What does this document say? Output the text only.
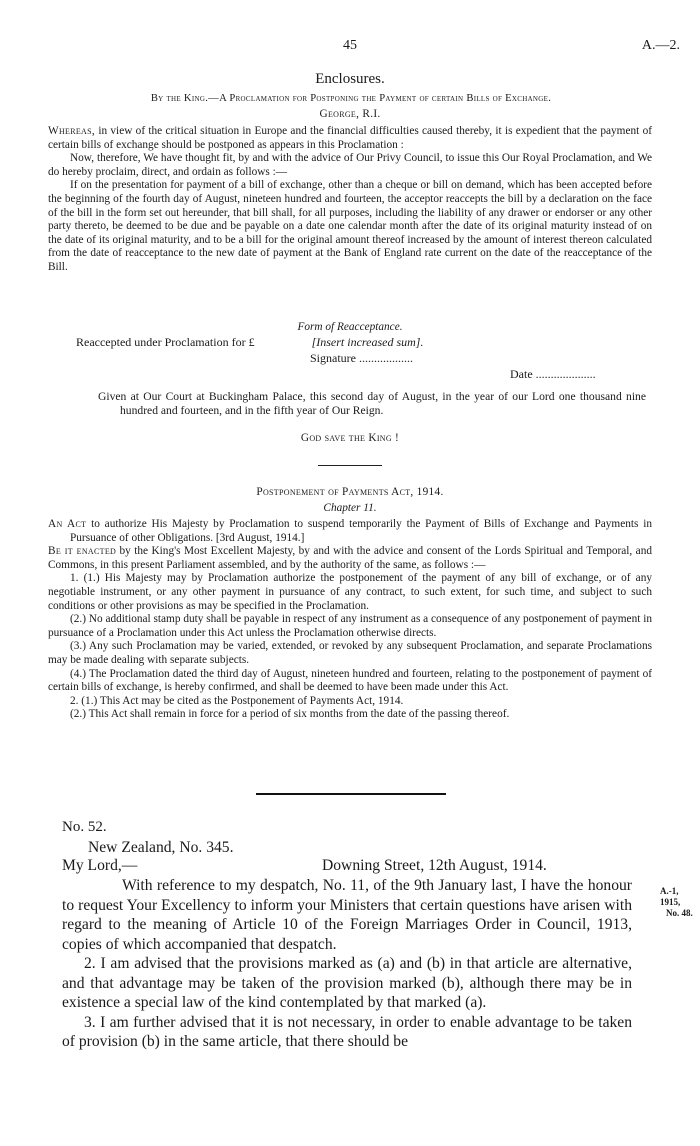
45	A.—2.
Enclosures.
By the King.—A Proclamation for Postponing the Payment of certain Bills of Exchange.
George, R.I.

Whereas, in view of the critical situation in Europe and the financial difficulties caused thereby, it is expedient that the payment of certain bills of exchange should be postponed as appears in this Proclamation :

Now, therefore, We have thought fit, by and with the advice of Our Privy Council, to issue this Our Royal Proclamation, and We do hereby proclaim, direct, and ordain as follows :—

If on the presentation for payment of a bill of exchange, other than a cheque or bill on demand, which has been accepted before the beginning of the fourth day of August, nineteen hundred and fourteen, the acceptor reaccepts the bill by a declaration on the face of the bill in the form set out hereunder, that bill shall, for all purposes, including the liability of any drawer or endorser or any other party thereto, be deemed to be due and be payable on a date one calendar month after the date of its original maturity instead of on the date of its original maturity, and to be a bill for the original amount thereof increased by the amount of interest thereon calculated from the date of reacceptance to the new date of payment at the Bank of England rate current on the date of the reacceptance of the Bill.

Form of Reacceptance.
Reaccepted under Proclamation for £	[Insert increased sum].
Signature ..................
Date ....................
Given at Our Court at Buckingham Palace, this second day of August, in the year of our Lord one thousand nine hundred and fourteen, and in the fifth year of Our Reign.
God save the King !
Postponement of Payments Act, 1914.
Chapter 11.

An Act to authorize His Majesty by Proclamation to suspend temporarily the Payment of Bills of Exchange and Payments in Pursuance of other Obligations. [3rd August, 1914.]

Be it enacted by the King's Most Excellent Majesty, by and with the advice and consent of the Lords Spiritual and Temporal, and Commons, in this present Parliament assembled, and by the authority of the same, as follows :—

1. (1.) His Majesty may by Proclamation authorize the postponement of the payment of any bill of exchange, or of any negotiable instrument, or any other payment in pursuance of any contract, to such extent, for such time, and subject to such conditions or other provisions as may be specified in the Proclamation.

(2.) No additional stamp duty shall be payable in respect of any instrument as a consequence of any postponement of payment in pursuance of a Proclamation under this Act unless the Proclamation otherwise directs.

(3.) Any such Proclamation may be varied, extended, or revoked by any subsequent Proclamation, and separate Proclamations may be made dealing with separate subjects.

(4.) The Proclamation dated the third day of August, nineteen hundred and fourteen, relating to the postponement of payment of certain bills of exchange, is hereby confirmed, and shall be deemed to have been made under this Act.

2. (1.) This Act may be cited as the Postponement of Payments Act, 1914.

(2.) This Act shall remain in force for a period of six months from the date of the passing thereof.

No. 52.
New Zealand, No. 345.
My Lord,—	Downing Street, 12th August, 1914.

With reference to my despatch, No. 11, of the 9th January last, I have the honour to request Your Excellency to inform your Ministers that certain questions have arisen with regard to the meaning of Article 10 of the Foreign Marriages Order in Council, 1913, copies of which accompanied that despatch.

2. I am advised that the provisions marked as (a) and (b) in that article are alternative, and that advantage may be taken of the provision marked (b), although there may be in existence a special law of the kind contemplated by that marked (a).

3. I am further advised that it is not necessary, in order to enable advantage to be taken of provision (b) in the same article, that there should be

A.-1, 1915,
No. 48.
